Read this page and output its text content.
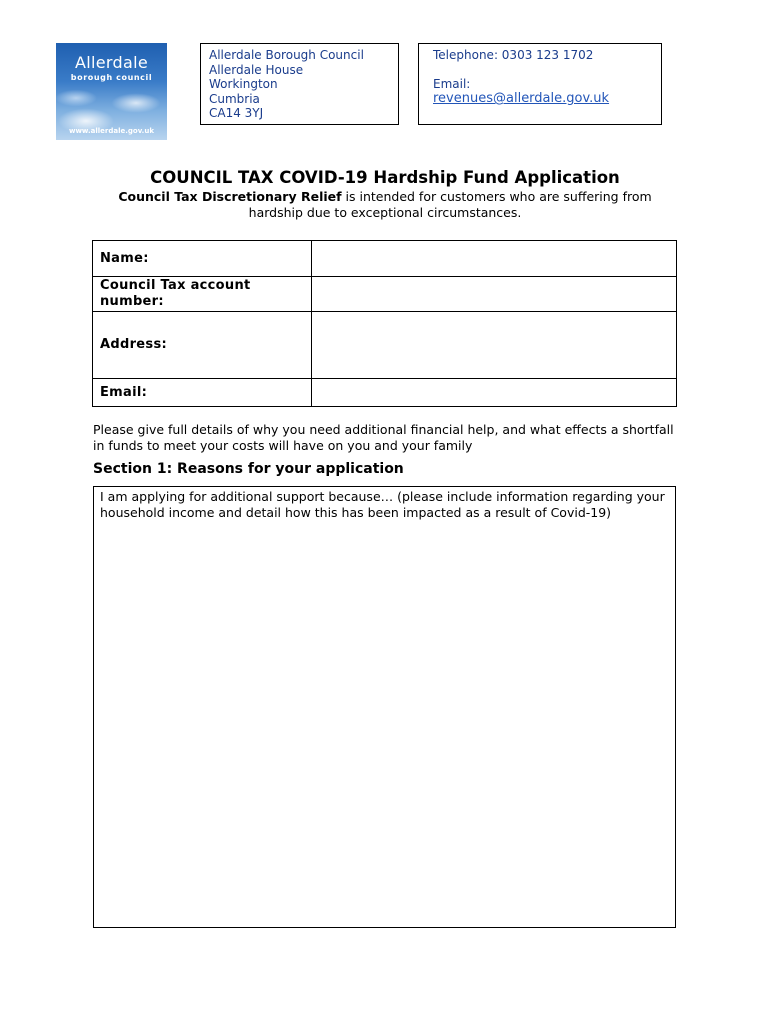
Allerdale
borough council
www.allerdale.gov.uk
Allerdale Borough Council
Allerdale House
Workington
Cumbria
CA14 3YJ
Telephone: 0303 123 1702
Email:
revenues@allerdale.gov.uk
COUNCIL TAX COVID-19 Hardship Fund Application
Council Tax Discretionary Relief is intended for customers who are suffering from hardship due to exceptional circumstances.
Name:	
Council Tax account number:	
Address:	
Email:	
Please give full details of why you need additional financial help, and what effects a shortfall in funds to meet your costs will have on you and your family
Section 1: Reasons for your application
I am applying for additional support because… (please include information regarding your household income and detail how this has been impacted as a result of Covid-19)
